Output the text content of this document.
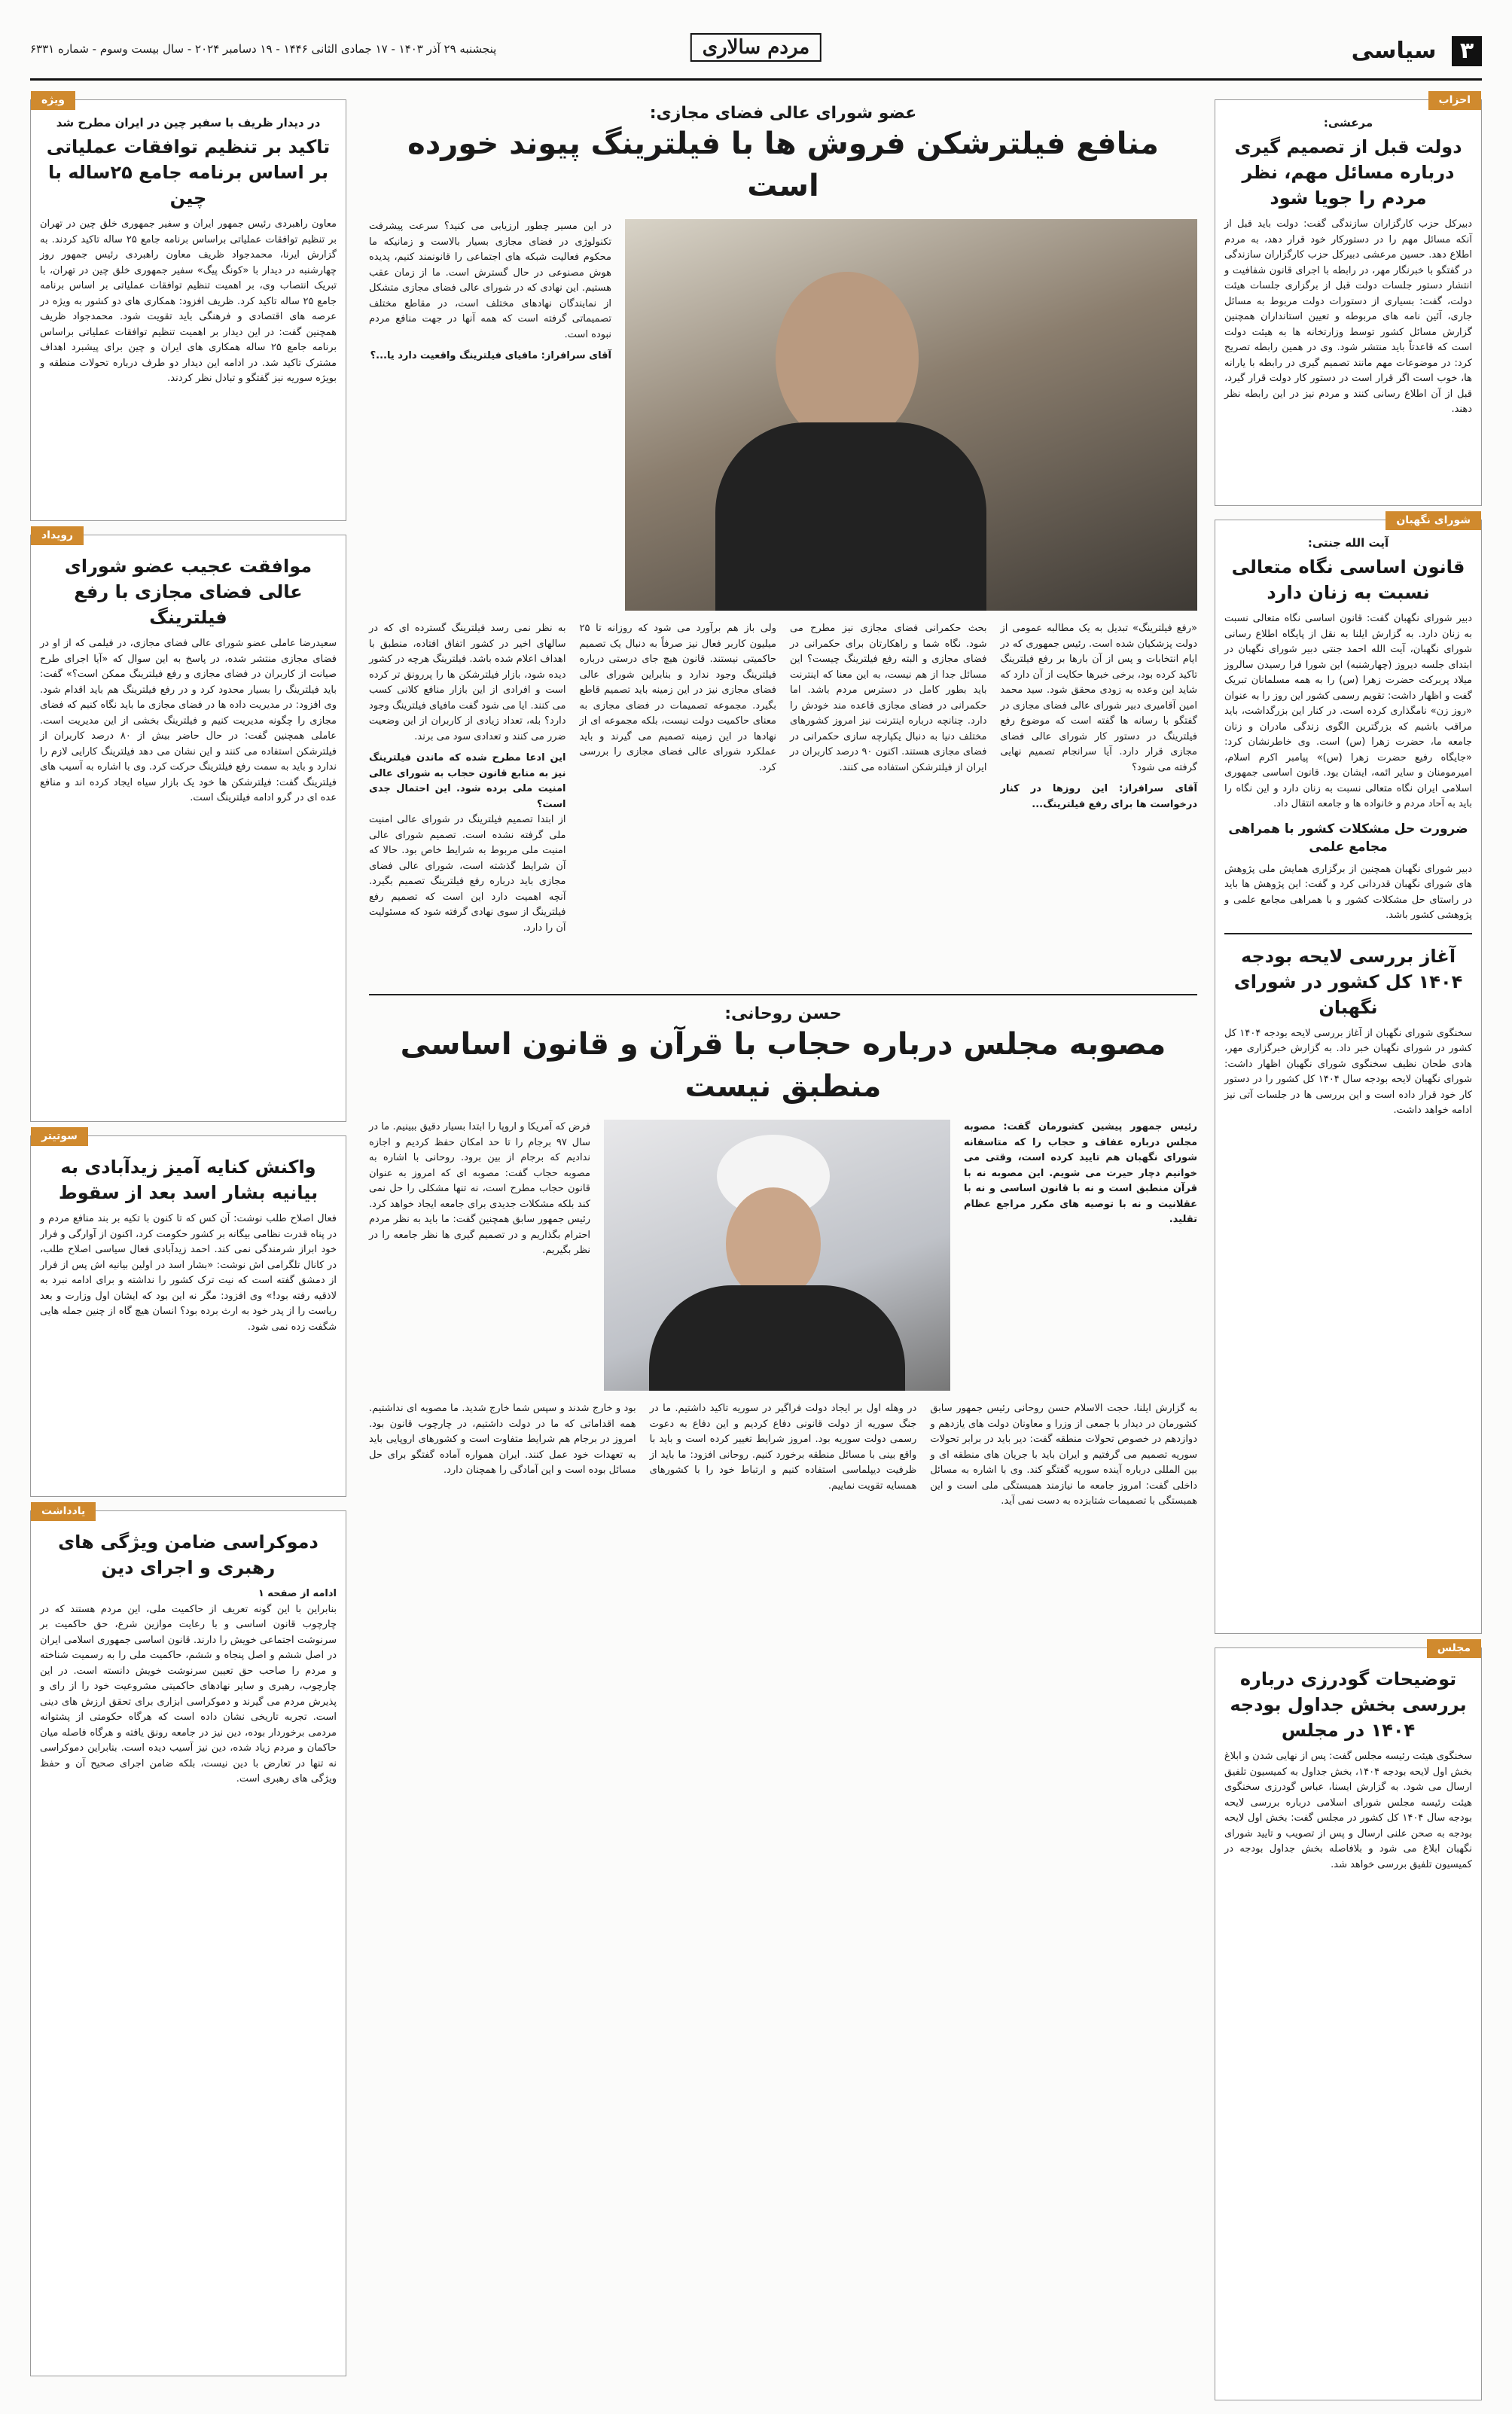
۳ سیاسی
مردم سالاری
پنجشنبه ۲۹ آذر ۱۴۰۳ - ۱۷ جمادی الثانی ۱۴۴۶ - ۱۹ دسامبر ۲۰۲۴ - سال بیست وسوم - شماره ۶۳۳۱
احزاب
مرعشی:
دولت قبل از تصمیم گیری درباره مسائل مهم، نظر مردم را جویا شود
دبیرکل حزب کارگزاران سازندگی گفت: دولت باید قبل از آنکه مسائل مهم را در دستورکار خود قرار دهد، به مردم اطلاع دهد. حسین مرعشی دبیرکل حزب کارگزاران سازندگی در گفتگو با خبرنگار مهر، در رابطه با اجرای قانون شفافیت و انتشار دستور جلسات دولت قبل از برگزاری جلسات هیئت دولت، گفت: بسیاری از دستورات دولت مربوط به مسائل جاری، آئین نامه های مربوطه و تعیین استانداران همچنین گزارش مسائل کشور توسط وزارتخانه ها به هیئت دولت است که قاعدتاً باید منتشر شود. وی در همین رابطه تصریح کرد: در موضوعات مهم مانند تصمیم گیری در رابطه با یارانه ها، خوب است اگر قرار است در دستور کار دولت قرار گیرد، قبل از آن اطلاع رسانی کنند و مردم نیز در این رابطه نظر دهند.
شورای نگهبان
آیت الله جنتی:
قانون اساسی نگاه متعالی نسبت به زنان دارد
دبیر شورای نگهبان گفت: قانون اساسی نگاه متعالی نسبت به زنان دارد. به گزارش ایلنا به نقل از پایگاه اطلاع رسانی شورای نگهبان، آیت الله احمد جنتی دبیر شورای نگهبان در ابتدای جلسه دیروز (چهارشنبه) این شورا فرا رسیدن سالروز میلاد پربرکت حضرت زهرا (س) را به همه مسلمانان تبریک گفت و اظهار داشت: تقویم رسمی کشور این روز را به عنوان «روز زن» نامگذاری کرده است. در کنار این بزرگداشت، باید مراقب باشیم که بزرگترین الگوی زندگی مادران و زنان جامعه ما، حضرت زهرا (س) است. وی خاطرنشان کرد: «جایگاه رفیع حضرت زهرا (س)» پیامبر اکرم اسلام، امیرمومنان و سایر ائمه، ایشان بود. قانون اساسی جمهوری اسلامی ایران نگاه متعالی نسبت به زنان دارد و این نگاه را باید به آحاد مردم و خانواده ها و جامعه انتقال داد.
ضرورت حل مشکلات کشور با همراهی مجامع علمی
دبیر شورای نگهبان همچنین از برگزاری همایش ملی پژوهش های شورای نگهبان قدردانی کرد و گفت: این پژوهش ها باید در راستای حل مشکلات کشور و با همراهی مجامع علمی و پژوهشی کشور باشد.
آغاز بررسی لایحه بودجه ۱۴۰۴ کل کشور در شورای نگهبان
سخنگوی شورای نگهبان از آغاز بررسی لایحه بودجه ۱۴۰۴ کل کشور در شورای نگهبان خبر داد. به گزارش خبرگزاری مهر، هادی طحان نظیف سخنگوی شورای نگهبان اظهار داشت: شورای نگهبان لایحه بودجه سال ۱۴۰۴ کل کشور را در دستور کار خود قرار داده است و این بررسی ها در جلسات آتی نیز ادامه خواهد داشت.
مجلس
توضیحات گودرزی درباره بررسی بخش جداول بودجه ۱۴۰۴ در مجلس
سخنگوی هیئت رئیسه مجلس گفت: پس از نهایی شدن و ابلاغ بخش اول لایحه بودجه ۱۴۰۴، بخش جداول به کمیسیون تلفیق ارسال می شود. به گزارش ایسنا، عباس گودرزی سخنگوی هیئت رئیسه مجلس شورای اسلامی درباره بررسی لایحه بودجه سال ۱۴۰۴ کل کشور در مجلس گفت: بخش اول لایحه بودجه به صحن علنی ارسال و پس از تصویب و تایید شورای نگهبان ابلاغ می شود و بلافاصله بخش جداول بودجه در کمیسیون تلفیق بررسی خواهد شد.
ویژه
در دیدار ظریف با سفیر چین در ایران مطرح شد
تاکید بر تنظیم توافقات عملیاتی بر اساس برنامه جامع ۲۵ساله با چین
معاون راهبردی رئیس جمهور ایران و سفیر جمهوری خلق چین در تهران بر تنظیم توافقات عملیاتی براساس برنامه جامع ۲۵ ساله تاکید کردند. به گزارش ایرنا، محمدجواد ظریف معاون راهبردی رئیس جمهور روز چهارشنبه در دیدار با «کونگ پیگ» سفیر جمهوری خلق چین در تهران، با تبریک انتصاب وی، بر اهمیت تنظیم توافقات عملیاتی بر اساس برنامه جامع ۲۵ ساله تاکید کرد. ظریف افزود: همکاری های دو کشور به ویژه در عرصه های اقتصادی و فرهنگی باید تقویت شود. محمدجواد ظریف همچنین گفت: در این دیدار بر اهمیت تنظیم توافقات عملیاتی براساس برنامه جامع ۲۵ ساله همکاری های ایران و چین برای پیشبرد اهداف مشترک تاکید شد. در ادامه این دیدار دو طرف درباره تحولات منطقه و بویژه سوریه نیز گفتگو و تبادل نظر کردند.
رویداد
موافقت عجیب عضو شورای عالی فضای مجازی با رفع فیلترینگ
سعیدرضا عاملی عضو شورای عالی فضای مجازی، در فیلمی که از او در فضای مجازی منتشر شده، در پاسخ به این سوال که «آیا اجرای طرح صیانت از کاربران در فضای مجازی و رفع فیلترینگ ممکن است؟» گفت: باید فیلترینگ را بسیار محدود کرد و در رفع فیلترینگ هم باید اقدام شود. وی افزود: در مدیریت داده ها در فضای مجازی ما باید نگاه کنیم که فضای مجازی را چگونه مدیریت کنیم و فیلترینگ بخشی از این مدیریت است. عاملی همچنین گفت: در حال حاضر بیش از ۸۰ درصد کاربران از فیلترشکن استفاده می کنند و این نشان می دهد فیلترینگ کارایی لازم را ندارد و باید به سمت رفع فیلترینگ حرکت کرد. وی با اشاره به آسیب های فیلترینگ گفت: فیلترشکن ها خود یک بازار سیاه ایجاد کرده اند و منافع عده ای در گرو ادامه فیلترینگ است.
سوتیتر
واکنش کنایه آمیز زیدآبادی به بیانیه بشار اسد بعد از سقوط
فعال اصلاح طلب نوشت: آن کس که تا کنون با تکیه بر بند منافع مردم و در پناه قدرت نظامی بیگانه بر کشور حکومت کرد، اکنون از آوارگی و فرار خود ابراز شرمندگی نمی کند. احمد زیدآبادی فعال سیاسی اصلاح طلب، در کانال تلگرامی اش نوشت: «بشار اسد در اولین بیانیه اش پس از فرار از دمشق گفته است که نیت ترک کشور را نداشته و برای ادامه نبرد به لاذقیه رفته بود!» وی افزود: مگر نه این بود که ایشان اول وزارت و بعد ریاست را از پدر خود به ارث برده بود؟ انسان هیچ گاه از چنین جمله هایی شگفت زده نمی شود.
یادداشت
دموکراسی ضامن ویژگی های رهبری و اجرای دین
ادامه از صفحه ۱
بنابراین با این گونه تعریف از حاکمیت ملی، این مردم هستند که در چارچوب قانون اساسی و با رعایت موازین شرع، حق حاکمیت بر سرنوشت اجتماعی خویش را دارند. قانون اساسی جمهوری اسلامی ایران در اصل ششم و اصل پنجاه و ششم، حاکمیت ملی را به رسمیت شناخته و مردم را صاحب حق تعیین سرنوشت خویش دانسته است. در این چارچوب، رهبری و سایر نهادهای حاکمیتی مشروعیت خود را از رای و پذیرش مردم می گیرند و دموکراسی ابزاری برای تحقق ارزش های دینی است. تجربه تاریخی نشان داده است که هرگاه حکومتی از پشتوانه مردمی برخوردار بوده، دین نیز در جامعه رونق یافته و هرگاه فاصله میان حاکمان و مردم زیاد شده، دین نیز آسیب دیده است. بنابراین دموکراسی نه تنها در تعارض با دین نیست، بلکه ضامن اجرای صحیح آن و حفظ ویژگی های رهبری است.
عضو شورای عالی فضای مجازی:
منافع فیلترشکن فروش ها با فیلترینگ پیوند خورده است
در این مسیر چطور ارزیابی می کنید؟ سرعت پیشرفت تکنولوژی در فضای مجازی بسیار بالاست و زمانیکه ما محکوم فعالیت شبکه های اجتماعی را قانونمند کنیم، پدیده هوش مصنوعی در حال گسترش است. ما از زمان عقب هستیم. این نهادی که در شورای عالی فضای مجازی متشکل از نمایندگان نهادهای مختلف است، در مقاطع مختلف تصمیماتی گرفته است که همه آنها در جهت منافع مردم نبوده است.
آقای سرافراز: مافیای فیلترینگ واقعیت دارد یا...؟
«رفع فیلترینگ» تبدیل به یک مطالبه عمومی از دولت پزشکیان شده است. رئیس جمهوری که در ایام انتخابات و پس از آن بارها بر رفع فیلترینگ تاکید کرده بود، برخی خبرها حکایت از آن دارد که شاید این وعده به زودی محقق شود. سید محمد امین آقامیری دبیر شورای عالی فضای مجازی در گفتگو با رسانه ها گفته است که موضوع رفع فیلترینگ در دستور کار شورای عالی فضای مجازی قرار دارد. آیا سرانجام تصمیم نهایی گرفته می شود؟
آقای سرافراز: این روزها در کنار درخواست ها برای رفع فیلترینگ...
بحث حکمرانی فضای مجازی نیز مطرح می شود. نگاه شما و راهکارتان برای حکمرانی در فضای مجازی و البته رفع فیلترینگ چیست؟ این مسائل جدا از هم نیست، به این معنا که اینترنت باید بطور کامل در دسترس مردم باشد. اما حکمرانی در فضای مجازی قاعده مند خودش را دارد. چنانچه درباره اینترنت نیز امروز کشورهای مختلف دنیا به دنبال یکپارچه سازی حکمرانی در فضای مجازی هستند. اکنون ۹۰ درصد کاربران در ایران از فیلترشکن استفاده می کنند.
ولی باز هم برآورد می شود که روزانه تا ۲۵ میلیون کاربر فعال نیز صرفاً به دنبال یک تصمیم حاکمیتی نیستند. قانون هیچ جای درستی درباره فیلترینگ وجود ندارد و بنابراین شورای عالی فضای مجازی نیز در این زمینه باید تصمیم قاطع بگیرد. مجموعه تصمیمات در فضای مجازی به معنای حاکمیت دولت نیست، بلکه مجموعه ای از نهادها در این زمینه تصمیم می گیرند و باید عملکرد شورای عالی فضای مجازی را بررسی کرد.
به نظر نمی رسد فیلترینگ گسترده ای که در سالهای اخیر در کشور اتفاق افتاده، منطبق با اهداف اعلام شده باشد. فیلترینگ هرچه در کشور دیده شود، بازار فیلترشکن ها را پررونق تر کرده است و افرادی از این بازار منافع کلانی کسب می کنند. ایا می شود گفت مافیای فیلترینگ وجود دارد؟ بله، تعداد زیادی از کاربران از این وضعیت ضرر می کنند و تعدادی سود می برند.
این ادعا مطرح شده که ماندن فیلترینگ نیز به منابع قانون حجاب به شورای عالی امنیت ملی برده شود. این احتمال جدی است؟
از ابتدا تصمیم فیلترینگ در شورای عالی امنیت ملی گرفته نشده است. تصمیم شورای عالی امنیت ملی مربوط به شرایط خاص بود. حالا که آن شرایط گذشته است، شورای عالی فضای مجازی باید درباره رفع فیلترینگ تصمیم بگیرد. آنچه اهمیت دارد این است که تصمیم رفع فیلترینگ از سوی نهادی گرفته شود که مسئولیت آن را دارد.
حسن روحانی:
مصوبه مجلس درباره حجاب با قرآن و قانون اساسی منطبق نیست
رئیس جمهور پیشین کشورمان گفت: مصوبه مجلس درباره عفاف و حجاب را که متاسفانه شورای نگهبان هم تایید کرده است، وقتی می خوانیم دچار حیرت می شویم. این مصوبه نه با قرآن منطبق است و نه با قانون اساسی و نه با عقلانیت و نه با توصیه های مکرر مراجع عظام تقلید.
فرض که آمریکا و اروپا را ابتدا بسیار دقیق ببینیم. ما در سال ۹۷ برجام را تا حد امکان حفظ کردیم و اجازه ندادیم که برجام از بین برود. روحانی با اشاره به مصوبه حجاب گفت: مصوبه ای که امروز به عنوان قانون حجاب مطرح است، نه تنها مشکلی را حل نمی کند بلکه مشکلات جدیدی برای جامعه ایجاد خواهد کرد. رئیس جمهور سابق همچنین گفت: ما باید به نظر مردم احترام بگذاریم و در تصمیم گیری ها نظر جامعه را در نظر بگیریم.
به گزارش ایلنا، حجت الاسلام حسن روحانی رئیس جمهور سابق کشورمان در دیدار با جمعی از وزرا و معاونان دولت های یازدهم و دوازدهم در خصوص تحولات منطقه گفت: دیر باید در برابر تحولات سوریه تصمیم می گرفتیم و ایران باید با جریان های منطقه ای و بین المللی درباره آینده سوریه گفتگو کند. وی با اشاره به مسائل داخلی گفت: امروز جامعه ما نیازمند همبستگی ملی است و این همبستگی با تصمیمات شتابزده به دست نمی آید.
در وهله اول بر ایجاد دولت فراگیر در سوریه تاکید داشتیم. ما در جنگ سوریه از دولت قانونی دفاع کردیم و این دفاع به دعوت رسمی دولت سوریه بود. امروز شرایط تغییر کرده است و باید با واقع بینی با مسائل منطقه برخورد کنیم. روحانی افزود: ما باید از ظرفیت دیپلماسی استفاده کنیم و ارتباط خود را با کشورهای همسایه تقویت نماییم.
بود و خارج شدند و سپس شما خارج شدید. ما مصوبه ای نداشتیم. همه اقداماتی که ما در دولت داشتیم، در چارچوب قانون بود. امروز در برجام هم شرایط متفاوت است و کشورهای اروپایی باید به تعهدات خود عمل کنند. ایران همواره آماده گفتگو برای حل مسائل بوده است و این آمادگی را همچنان دارد.
